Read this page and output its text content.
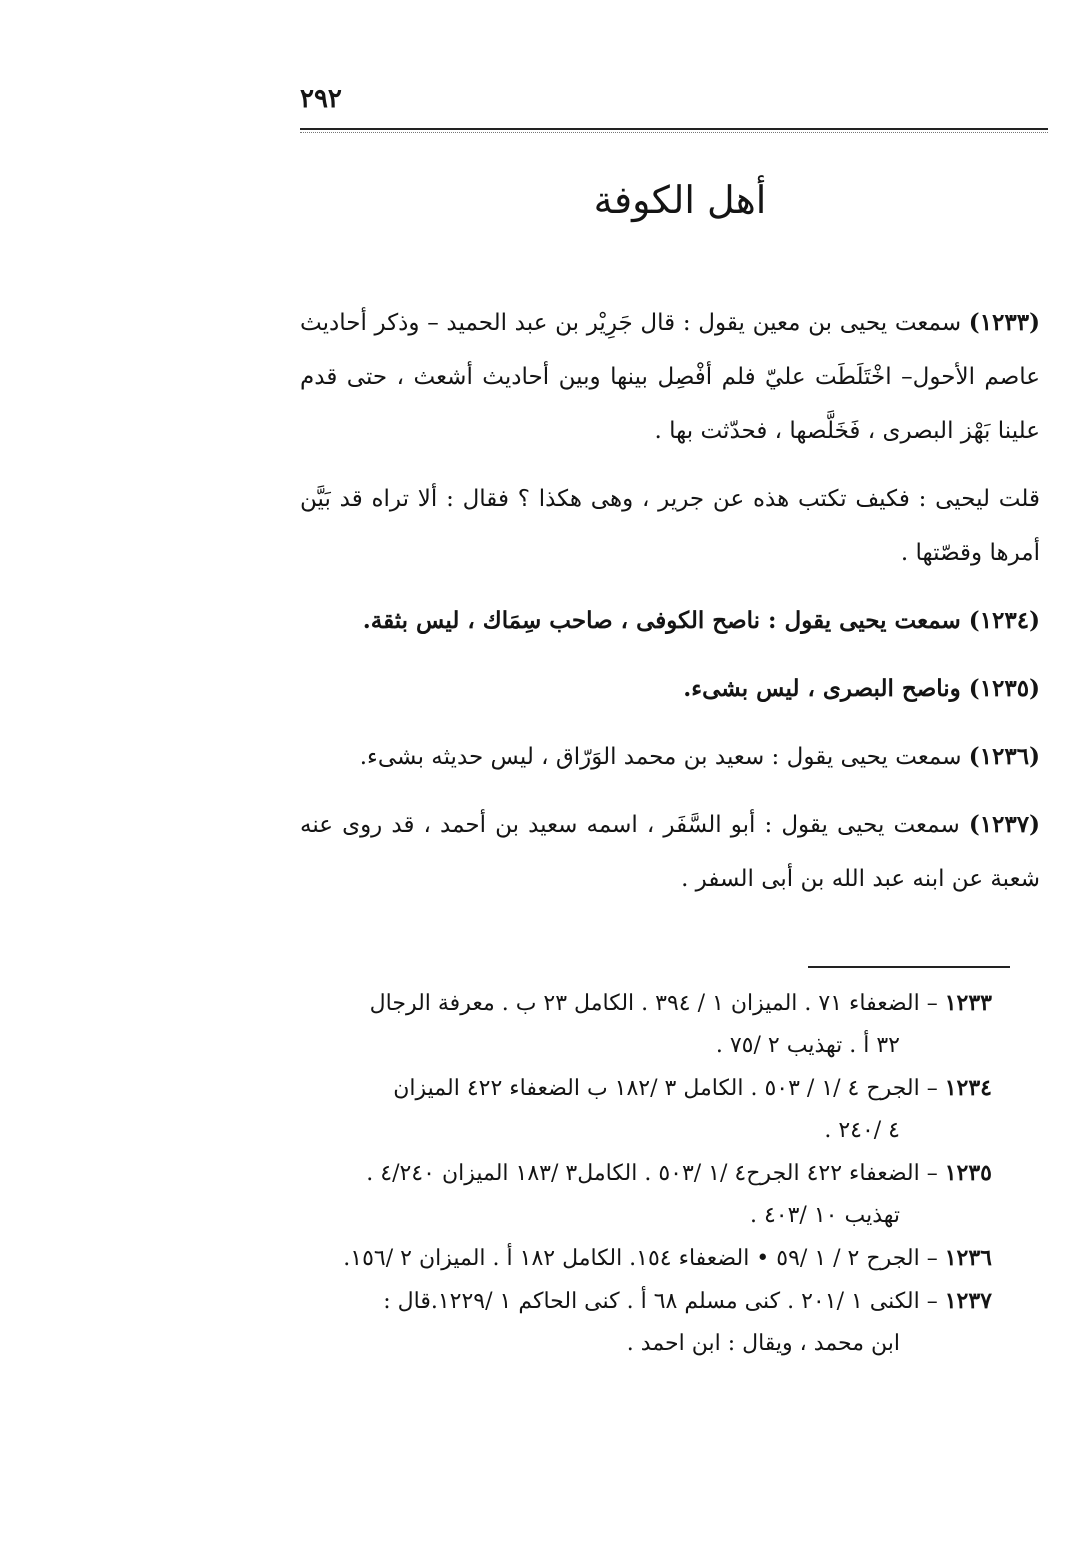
٢٩٢
أهل الكوفة

(١٢٣٣) سمعت يحيى بن معين يقول : قال جَرِيْر بن عبد الحميد – وذكر أحاديث عاصم الأحول– اخْتَلَطَت عليّ فلم أفْصِل بينها وبين أحاديث أشعث ، حتى قدم علينا بَهْز البصرى ، فَخَلَّصها ، فحدّثت بها .

قلت ليحيى : فكيف تكتب هذه عن جرير ، وهى هكذا ؟ فقال : ألا تراه قد بَيَّن أمرها وقصّتها .

(١٢٣٤) سمعت يحيى يقول : ناصح الكوفى ، صاحب سِمَاك ، ليس بثقة.

(١٢٣٥) وناصح البصرى ، ليس بشىء.

(١٢٣٦) سمعت يحيى يقول : سعيد بن محمد الوَرّاق ، ليس حديثه بشىء.

(١٢٣٧) سمعت يحيى يقول : أبو السَّفَر ، اسمه سعيد بن أحمد ، قد روى عنه شعبة عن ابنه عبد الله بن أبى السفر .

١٢٣٣ – الضعفاء ٧١ . الميزان ١ / ٣٩٤ . الكامل ٢٣ ب . معرفة الرجال
٣٢ أ . تهذيب ٢ /٧٥ .

١٢٣٤ – الجرح ٤ /١ / ٥٠٣ . الكامل ٣ /١٨٢ ب الضعفاء ٤٢٢ الميزان
٤ /٢٤٠ .

١٢٣٥ – الضعفاء ٤٢٢ الجرح٤ /١ /٥٠٣ . الكامل٣ /١٨٣ الميزان ٤/٢٤٠ .
تهذيب ١٠ /٤٠٣ .

١٢٣٦ – الجرح ٢ / ١ /٥٩ • الضعفاء ١٥٤. الكامل ١٨٢ أ . الميزان ٢ /١٥٦.

١٢٣٧ – الكنى ١ /٢٠١ . كنى مسلم ٦٨ أ . كنى الحاكم ١ /١٢٢٩.قال :
ابن محمد ، ويقال : ابن احمد .
